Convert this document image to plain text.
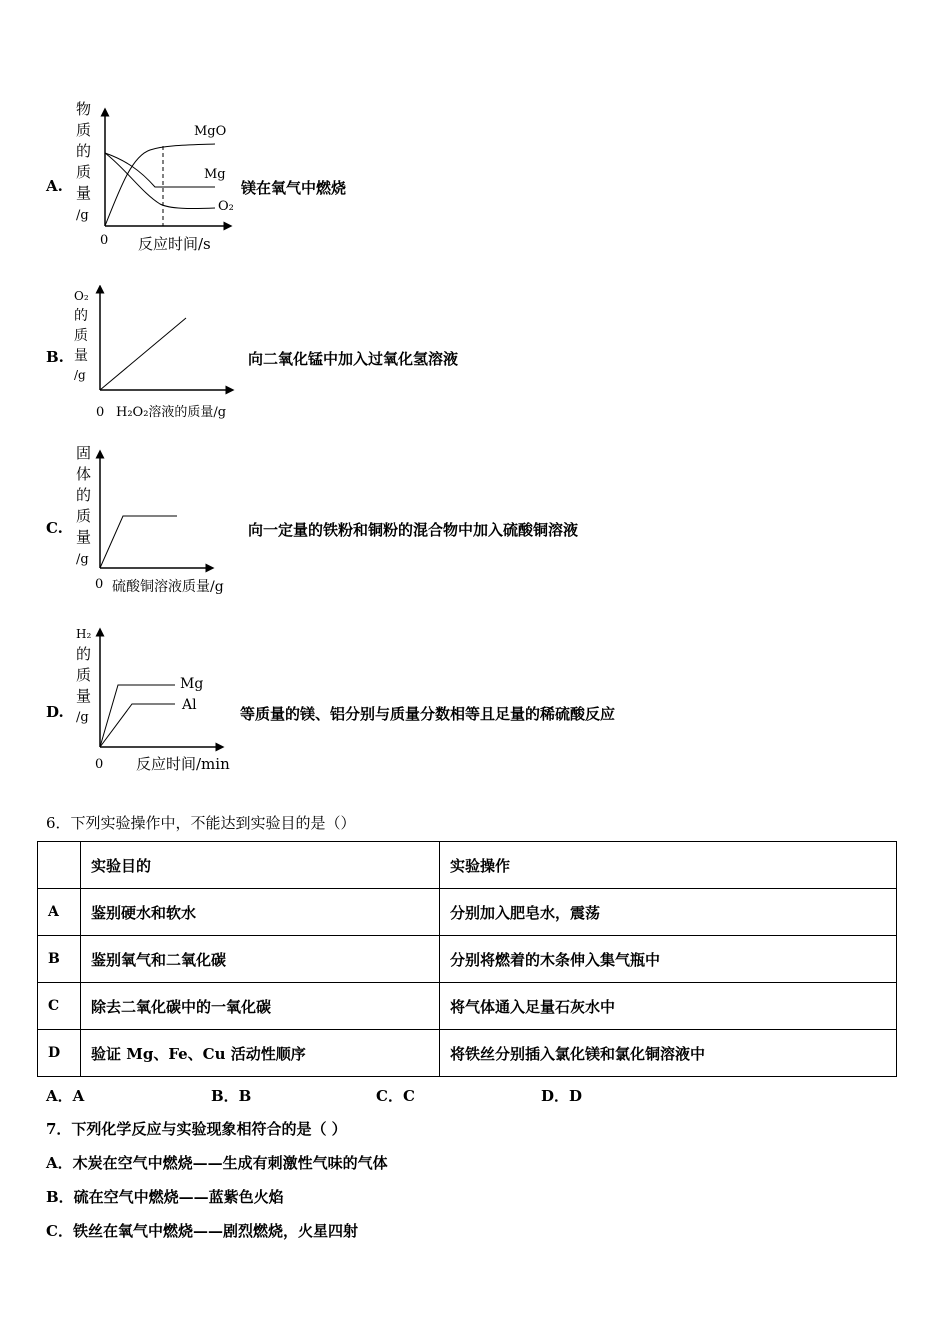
A.
物
质
的
质
量
/g
MgO
Mg
O₂
0 反应时间/s
镁在氧气中燃烧
B.
O₂
的
质
量
/g
0 H₂O₂溶液的质量/g
向二氧化锰中加入过氧化氢溶液
C.
固
体
的
质
量
/g
0 硫酸铜溶液质量/g
向一定量的铁粉和铜粉的混合物中加入硫酸铜溶液
D.
H₂
的
质
量
/g
Mg
Al
0 反应时间/min
等质量的镁、铝分别与质量分数相等且足量的稀硫酸反应
6．下列实验操作中，不能达到实验目的是（）
	实验目的	实验操作
A	鉴别硬水和软水	分别加入肥皂水，震荡
B	鉴别氧气和二氧化碳	分别将燃着的木条伸入集气瓶中
C	除去二氧化碳中的一氧化碳	将气体通入足量石灰水中
D	验证 Mg、Fe、Cu 活动性顺序	将铁丝分别插入氯化镁和氯化铜溶液中
A．A	B．B	C．C	D．D
7．下列化学反应与实验现象相符合的是（ ）
A．木炭在空气中燃烧——生成有刺激性气味的气体
B．硫在空气中燃烧——蓝紫色火焰
C．铁丝在氧气中燃烧——剧烈燃烧，火星四射
